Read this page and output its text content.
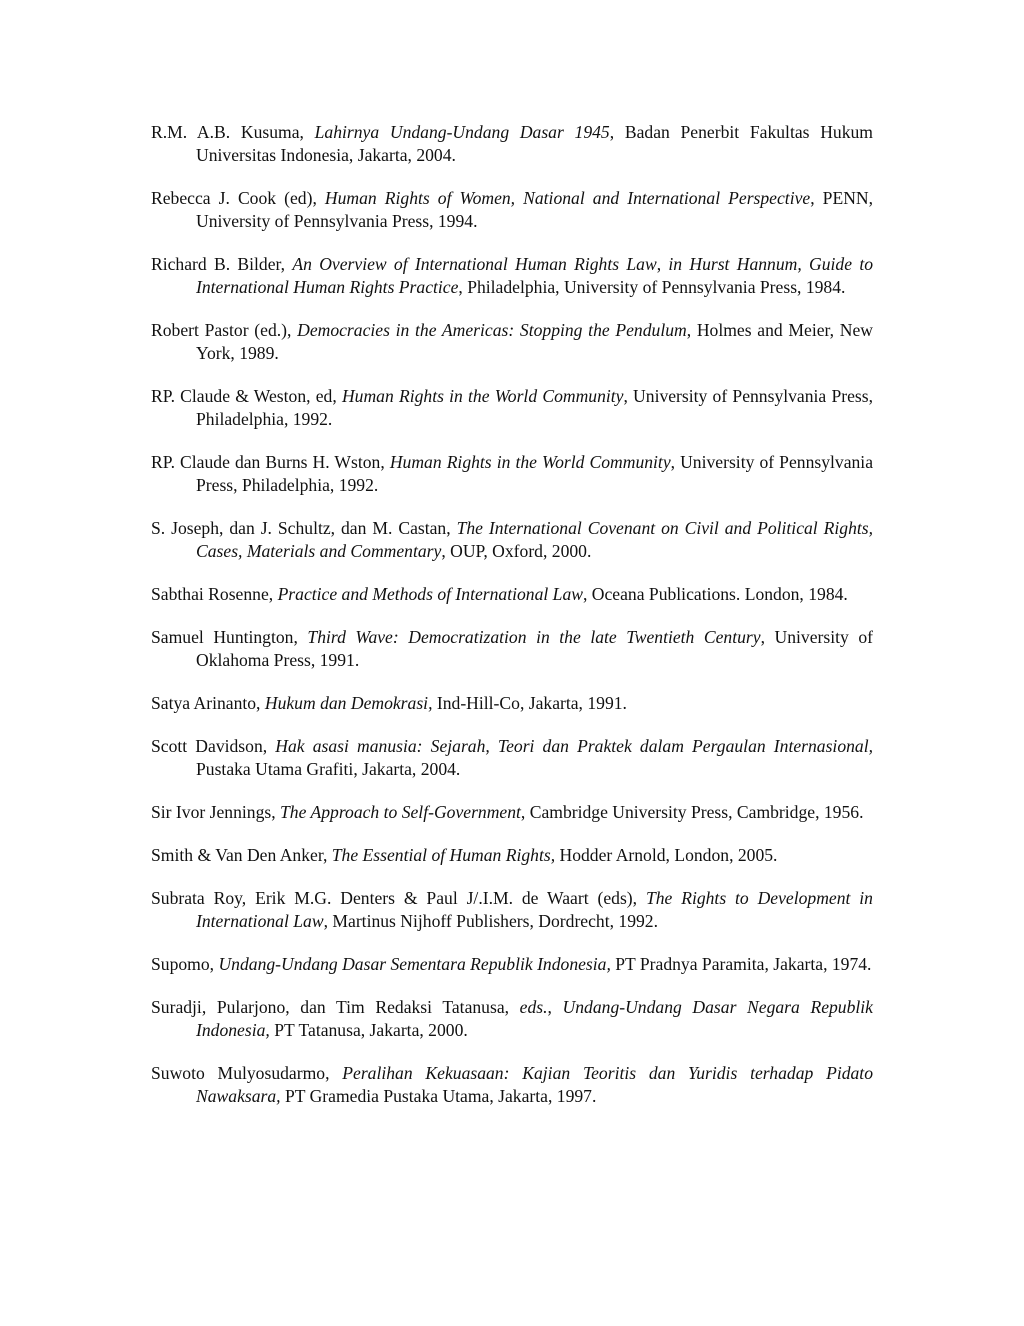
R.M. A.B. Kusuma, Lahirnya Undang-Undang Dasar 1945, Badan Penerbit Fakultas Hukum Universitas Indonesia, Jakarta, 2004.

Rebecca J. Cook (ed), Human Rights of Women, National and International Perspective, PENN, University of Pennsylvania Press, 1994.

Richard B. Bilder, An Overview of International Human Rights Law, in Hurst Hannum, Guide to International Human Rights Practice, Philadelphia, University of Pennsylvania Press, 1984.

Robert Pastor (ed.), Democracies in the Americas: Stopping the Pendulum, Holmes and Meier, New York, 1989.

RP. Claude & Weston, ed, Human Rights in the World Community, University of Pennsylvania Press, Philadelphia, 1992.

RP. Claude dan Burns H. Wston, Human Rights in the World Community, University of Pennsylvania Press, Philadelphia, 1992.

S. Joseph, dan J. Schultz, dan M. Castan, The International Covenant on Civil and Political Rights, Cases, Materials and Commentary, OUP, Oxford, 2000.

Sabthai Rosenne, Practice and Methods of International Law, Oceana Publications. London, 1984.

Samuel Huntington, Third Wave: Democratization in the late Twentieth Century, University of Oklahoma Press, 1991.

Satya Arinanto, Hukum dan Demokrasi, Ind-Hill-Co, Jakarta, 1991.

Scott Davidson, Hak asasi manusia: Sejarah, Teori dan Praktek dalam Pergaulan Internasional, Pustaka Utama Grafiti, Jakarta, 2004.

Sir Ivor Jennings, The Approach to Self-Government, Cambridge University Press, Cambridge, 1956.

Smith & Van Den Anker, The Essential of Human Rights, Hodder Arnold, London, 2005.

Subrata Roy, Erik M.G. Denters & Paul J/.I.M. de Waart (eds), The Rights to Development in International Law, Martinus Nijhoff Publishers, Dordrecht, 1992.

Supomo, Undang-Undang Dasar Sementara Republik Indonesia, PT Pradnya Paramita, Jakarta, 1974.

Suradji, Pularjono, dan Tim Redaksi Tatanusa, eds., Undang-Undang Dasar Negara Republik Indonesia, PT Tatanusa, Jakarta, 2000.

Suwoto Mulyosudarmo, Peralihan Kekuasaan: Kajian Teoritis dan Yuridis terhadap Pidato Nawaksara, PT Gramedia Pustaka Utama, Jakarta, 1997.
